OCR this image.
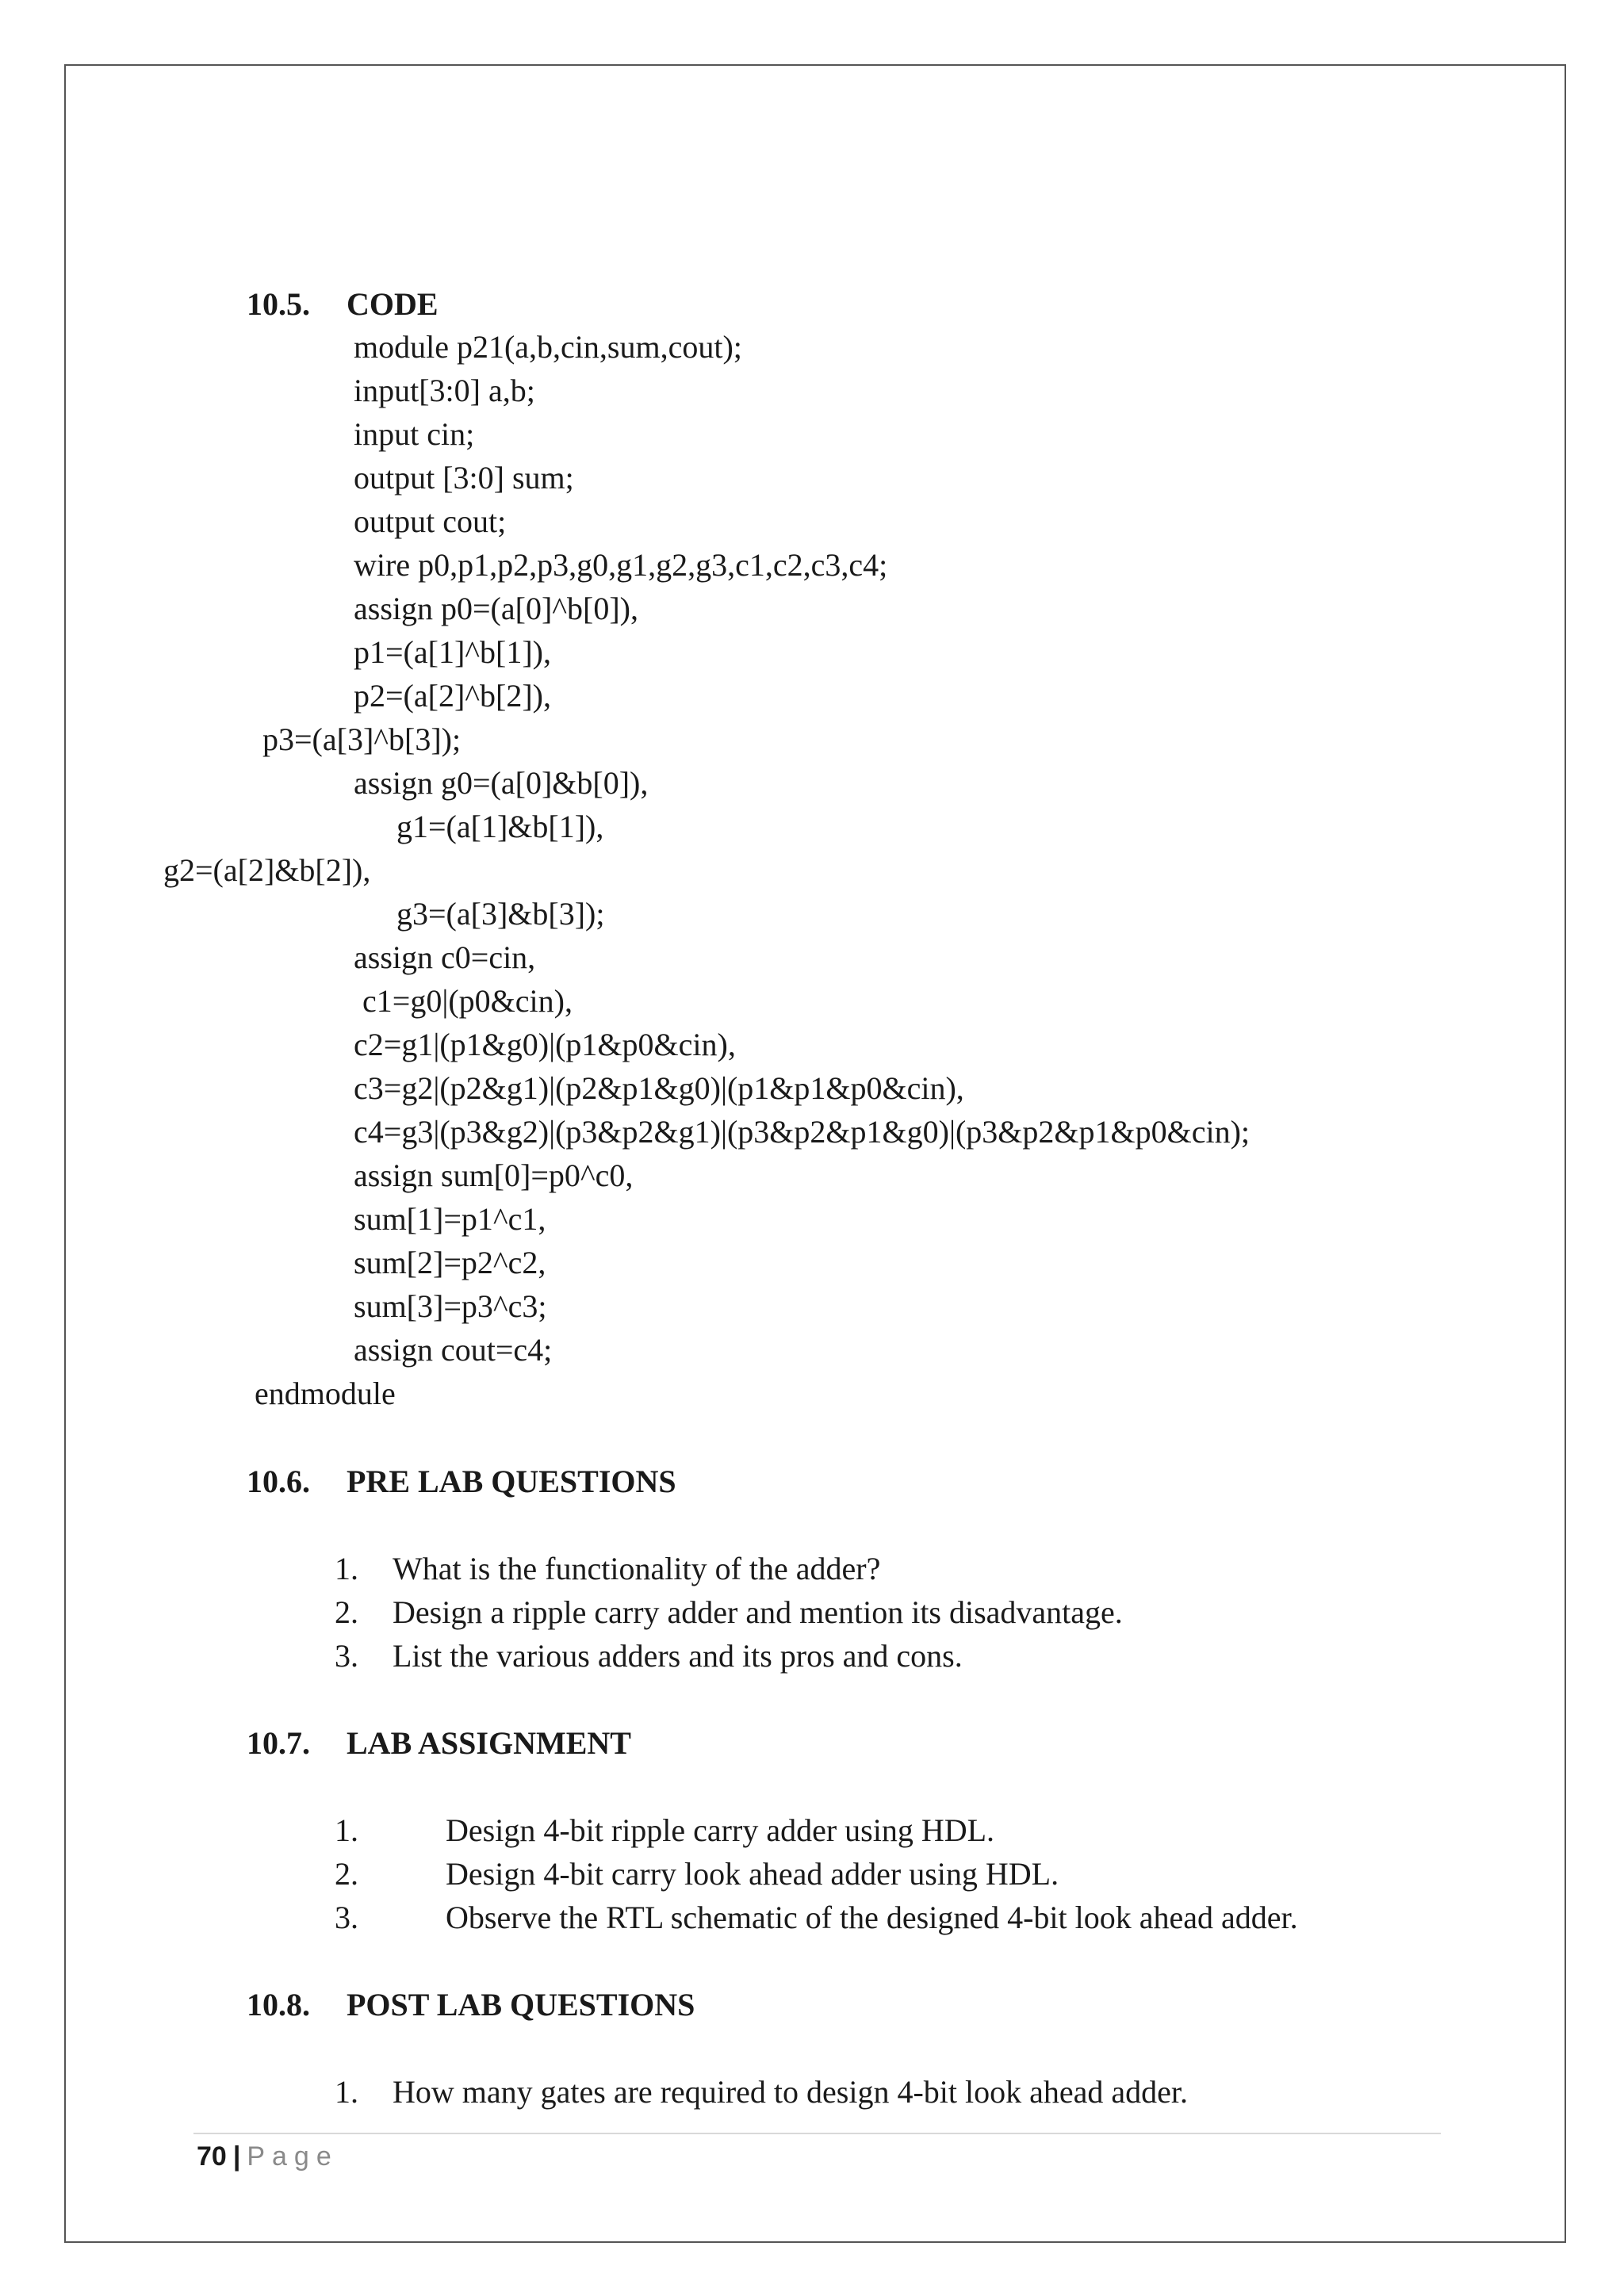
10.5. CODE
module p21(a,b,cin,sum,cout);
input[3:0] a,b;
input cin;
output [3:0] sum;
output cout;
wire p0,p1,p2,p3,g0,g1,g2,g3,c1,c2,c3,c4;
assign p0=(a[0]^b[0]),
p1=(a[1]^b[1]),
p2=(a[2]^b[2]),
p3=(a[3]^b[3]);
assign g0=(a[0]&b[0]),
g1=(a[1]&b[1]),
g2=(a[2]&b[2]),
g3=(a[3]&b[3]);
assign c0=cin,
c1=g0|(p0&cin),
c2=g1|(p1&g0)|(p1&p0&cin),
c3=g2|(p2&g1)|(p2&p1&g0)|(p1&p1&p0&cin),
c4=g3|(p3&g2)|(p3&p2&g1)|(p3&p2&p1&g0)|(p3&p2&p1&p0&cin);
assign sum[0]=p0^c0,
sum[1]=p1^c1,
sum[2]=p2^c2,
sum[3]=p3^c3;
assign cout=c4;
endmodule
10.6. PRE LAB QUESTIONS
1. What is the functionality of the adder?
2. Design a ripple carry adder and mention its disadvantage.
3. List the various adders and its pros and cons.
10.7. LAB ASSIGNMENT
1.	Design 4-bit ripple carry adder using HDL.
2.	Design 4-bit carry look ahead adder using HDL.
3.	Observe the RTL schematic of the designed 4-bit look ahead adder.
10.8. POST LAB QUESTIONS
1. How many gates are required to design 4-bit look ahead adder.
70 | Page
